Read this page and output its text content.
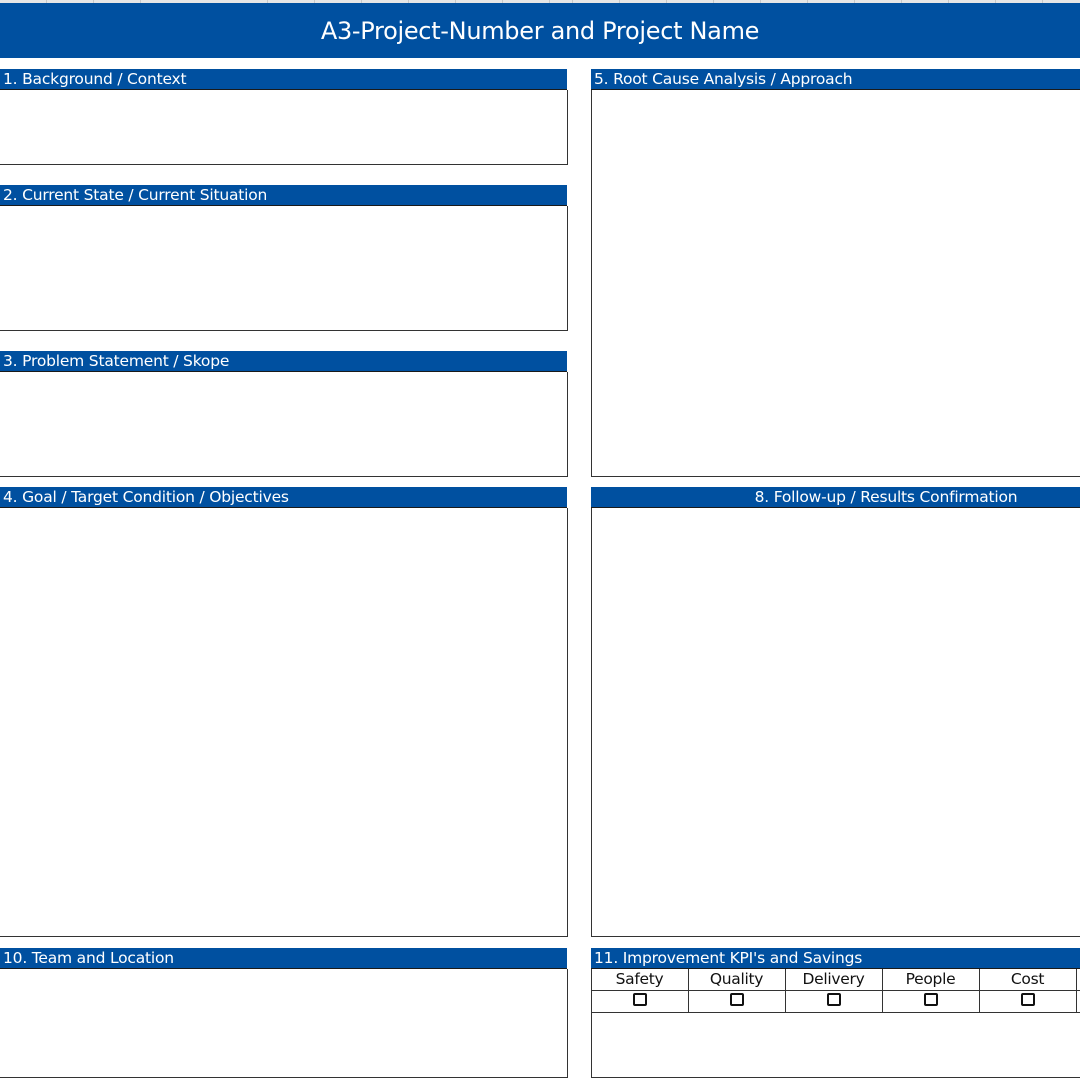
A3-Project-Number and Project Name
1. Background / Context
2. Current State / Current Situation
3. Problem Statement / Skope
4. Goal / Target Condition / Objectives
10. Team and Location
5. Root Cause Analysis / Approach
8. Follow-up / Results Confirmation
11. Improvement KPI's and Savings
Safety	Quality	Delivery	People	Cost
